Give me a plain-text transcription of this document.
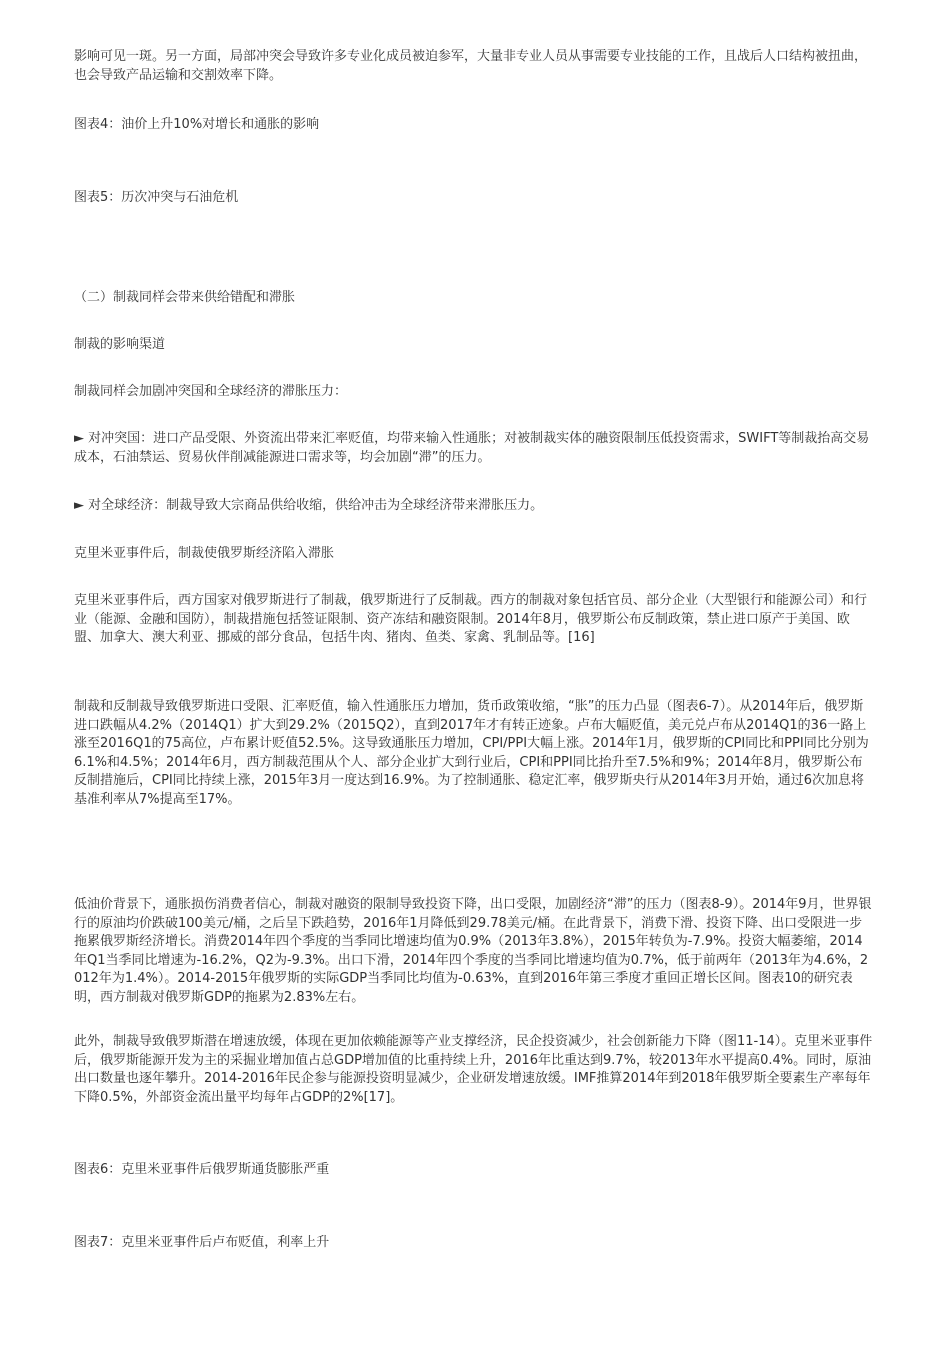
影响可见一斑。另一方面，局部冲突会导致许多专业化成员被迫参军，大量非专业人员从事需要专业技能的工作，且战后人口结构被扭曲，也会导致产品运输和交割效率下降。

图表4：油价上升10%对增长和通胀的影响

图表5：历次冲突与石油危机

（二）制裁同样会带来供给错配和滞胀

制裁的影响渠道

制裁同样会加剧冲突国和全球经济的滞胀压力：

► 对冲突国：进口产品受限、外资流出带来汇率贬值，均带来输入性通胀；对被制裁实体的融资限制压低投资需求，SWIFT等制裁抬高交易成本，石油禁运、贸易伙伴削减能源进口需求等，均会加剧“滞”的压力。

► 对全球经济：制裁导致大宗商品供给收缩，供给冲击为全球经济带来滞胀压力。

克里米亚事件后，制裁使俄罗斯经济陷入滞胀

克里米亚事件后，西方国家对俄罗斯进行了制裁，俄罗斯进行了反制裁。西方的制裁对象包括官员、部分企业（大型银行和能源公司）和行业（能源、金融和国防），制裁措施包括签证限制、资产冻结和融资限制。2014年8月，俄罗斯公布反制政策，禁止进口原产于美国、欧盟、加拿大、澳大利亚、挪威的部分食品，包括牛肉、猪肉、鱼类、家禽、乳制品等。[16]

制裁和反制裁导致俄罗斯进口受限、汇率贬值，输入性通胀压力增加，货币政策收缩，“胀”的压力凸显（图表6-7）。从2014年后，俄罗斯进口跌幅从4.2%（2014Q1）扩大到29.2%（2015Q2），直到2017年才有转正迹象。卢布大幅贬值，美元兑卢布从2014Q1的36一路上涨至2016Q1的75高位，卢布累计贬值52.5%。这导致通胀压力增加，CPI/PPI大幅上涨。2014年1月，俄罗斯的CPI同比和PPI同比分别为6.1%和4.5%；2014年6月，西方制裁范围从个人、部分企业扩大到行业后，CPI和PPI同比抬升至7.5%和9%；2014年8月，俄罗斯公布反制措施后，CPI同比持续上涨，2015年3月一度达到16.9%。为了控制通胀、稳定汇率，俄罗斯央行从2014年3月开始，通过6次加息将基准利率从7%提高至17%。

低油价背景下，通胀损伤消费者信心，制裁对融资的限制导致投资下降，出口受限，加剧经济“滞”的压力（图表8-9）。2014年9月，世界银行的原油均价跌破100美元/桶，之后呈下跌趋势，2016年1月降低到29.78美元/桶。在此背景下，消费下滑、投资下降、出口受限进一步拖累俄罗斯经济增长。消费2014年四个季度的当季同比增速均值为0.9%（2013年3.8%），2015年转负为-7.9%。投资大幅萎缩，2014年Q1当季同比增速为-16.2%，Q2为-9.3%。出口下滑，2014年四个季度的当季同比增速均值为0.7%，低于前两年（2013年为4.6%，2012年为1.4%）。2014-2015年俄罗斯的实际GDP当季同比均值为-0.63%，直到2016年第三季度才重回正增长区间。图表10的研究表明，西方制裁对俄罗斯GDP的拖累为2.83%左右。

此外，制裁导致俄罗斯潜在增速放缓，体现在更加依赖能源等产业支撑经济，民企投资减少，社会创新能力下降（图11-14）。克里米亚事件后，俄罗斯能源开发为主的采掘业增加值占总GDP增加值的比重持续上升，2016年比重达到9.7%，较2013年水平提高0.4%。同时，原油出口数量也逐年攀升。2014-2016年民企参与能源投资明显减少，企业研发增速放缓。IMF推算2014年到2018年俄罗斯全要素生产率每年下降0.5%，外部资金流出量平均每年占GDP的2%[17]。

图表6：克里米亚事件后俄罗斯通货膨胀严重

图表7：克里米亚事件后卢布贬值，利率上升
